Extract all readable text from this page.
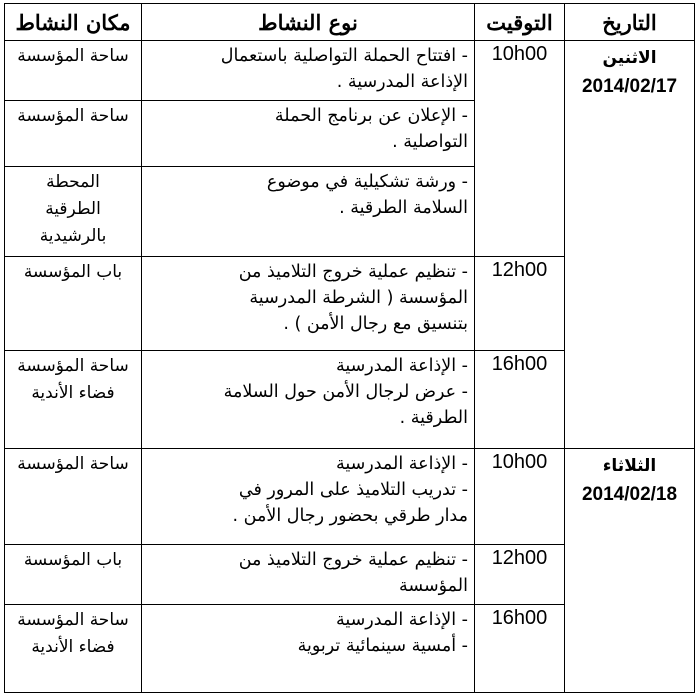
مكان النشاط	نوع النشاط	التوقيت	التاريخ

ساحة المؤسسة	- افتتاح الحملة التواصلية باستعمال
الإذاعة المدرسية .	10h00	الاثنين
2014/02/17

ساحة المؤسسة	- الإعلان عن برنامج الحملة
التواصلية .		

المحطة
الطرقية
بالرشيدية	- ورشة تشكيلية في موضوع
السلامة الطرقية .		

باب المؤسسة	- تنظيم عملية خروج التلاميذ من
المؤسسة ( الشرطة المدرسية
بتنسيق مع رجال الأمن ) .	12h00	

ساحة المؤسسة
فضاء الأندية	- الإذاعة المدرسية
- عرض لرجال الأمن حول السلامة
الطرقية .	16h00	

ساحة المؤسسة	- الإذاعة المدرسية
- تدريب التلاميذ على المرور في
مدار طرقي بحضور رجال الأمن .	10h00	الثلاثاء
2014/02/18

باب المؤسسة	- تنظيم عملية خروج التلاميذ من
المؤسسة	12h00	

ساحة المؤسسة
فضاء الأندية	- الإذاعة المدرسية
- أمسية سينمائية تربوية	16h00	
